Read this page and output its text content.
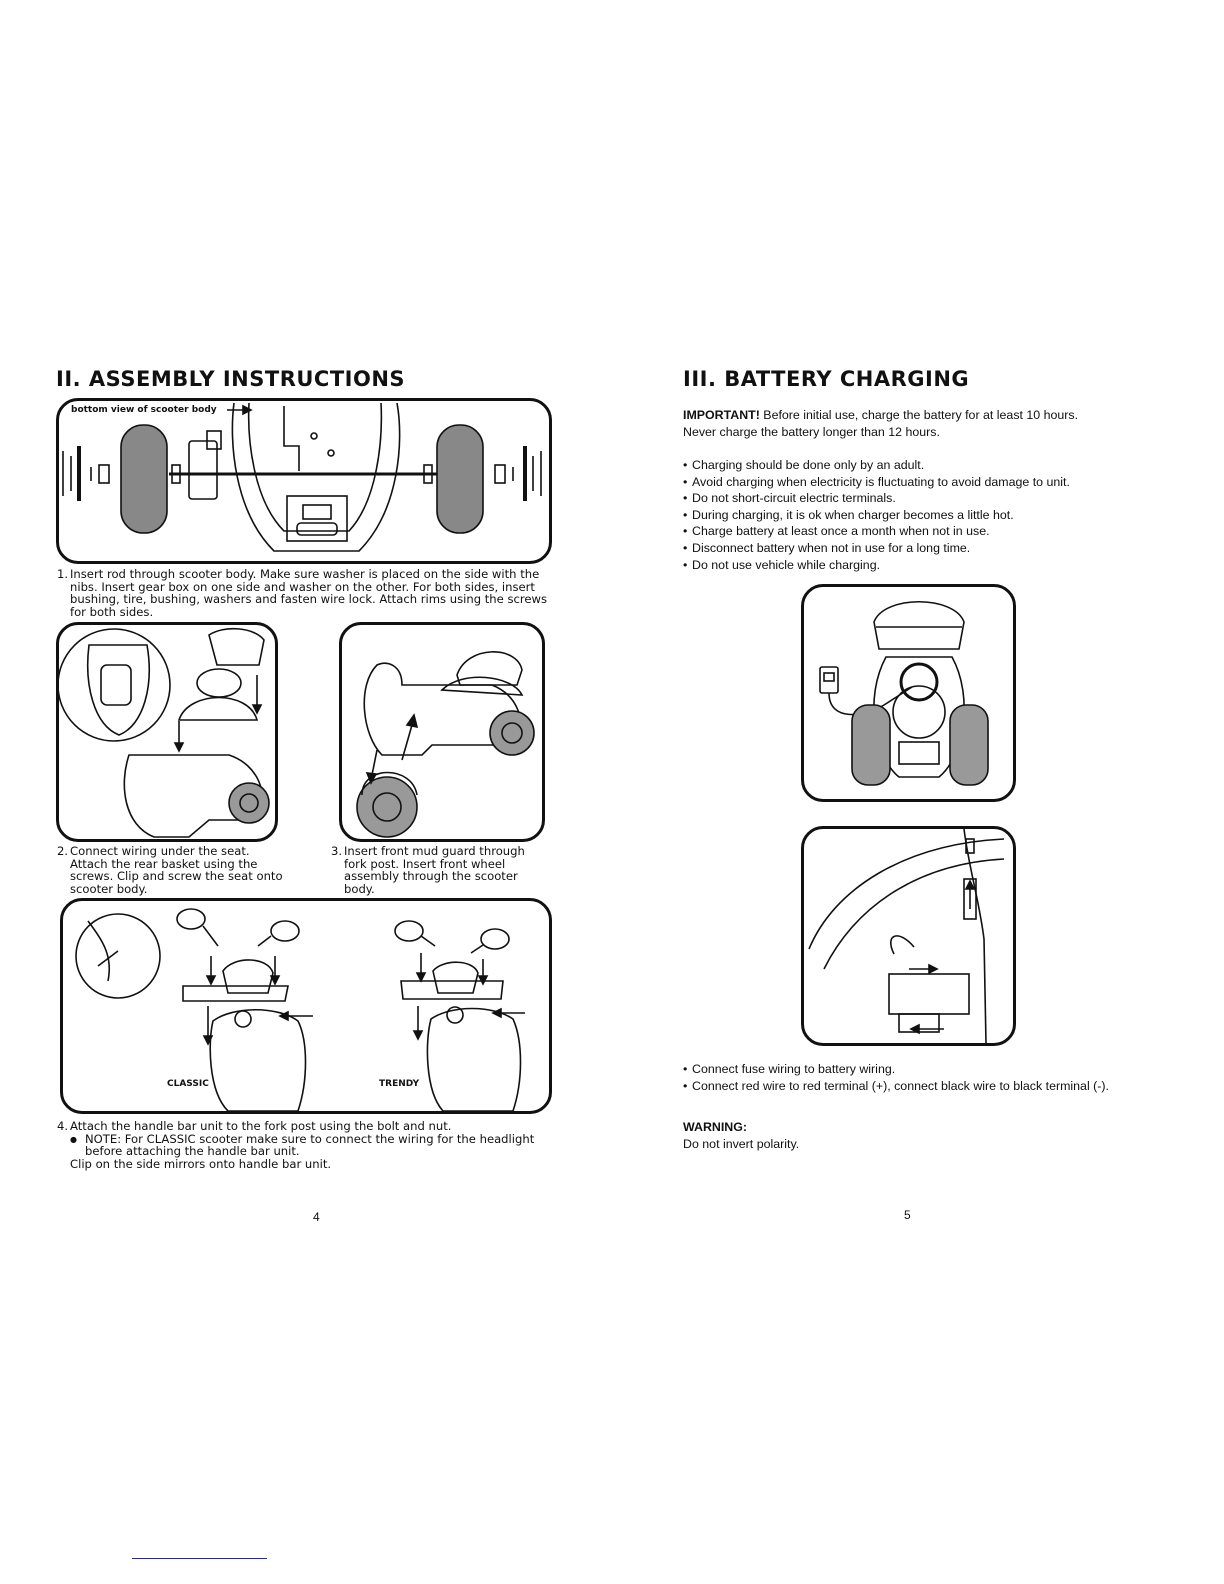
II. ASSEMBLY INSTRUCTIONS
bottom view of scooter body
1. Insert rod through scooter body. Make sure washer is placed on the side with the nibs. Insert gear box on one side and washer on the other. For both sides, insert bushing, tire, bushing, washers and fasten wire lock. Attach rims using the screws for both sides.
2. Connect wiring under the seat. Attach the rear basket using the screws. Clip and screw the seat onto scooter body.
3. Insert front mud guard through fork post. Insert front wheel assembly through the scooter body.
CLASSIC	TRENDY
4. Attach the handle bar unit to the fork post using the bolt and nut.
● NOTE: For CLASSIC scooter make sure to connect the wiring for the headlight before attaching the handle bar unit.
Clip on the side mirrors onto handle bar unit.
4
III. BATTERY CHARGING

IMPORTANT! Before initial use, charge the battery for at least 10 hours.
Never charge the battery longer than 12 hours.

• Charging should be done only by an adult.
• Avoid charging when electricity is fluctuating to avoid damage to unit.
• Do not short-circuit electric terminals.
• During charging, it is ok when charger becomes a little hot.
• Charge battery at least once a month when not in use.
• Disconnect battery when not in use for a long time.
• Do not use vehicle while charging.
• Connect fuse wiring to battery wiring.
• Connect red wire to red terminal (+), connect black wire to black terminal (-).

WARNING:
Do not invert polarity.

5
